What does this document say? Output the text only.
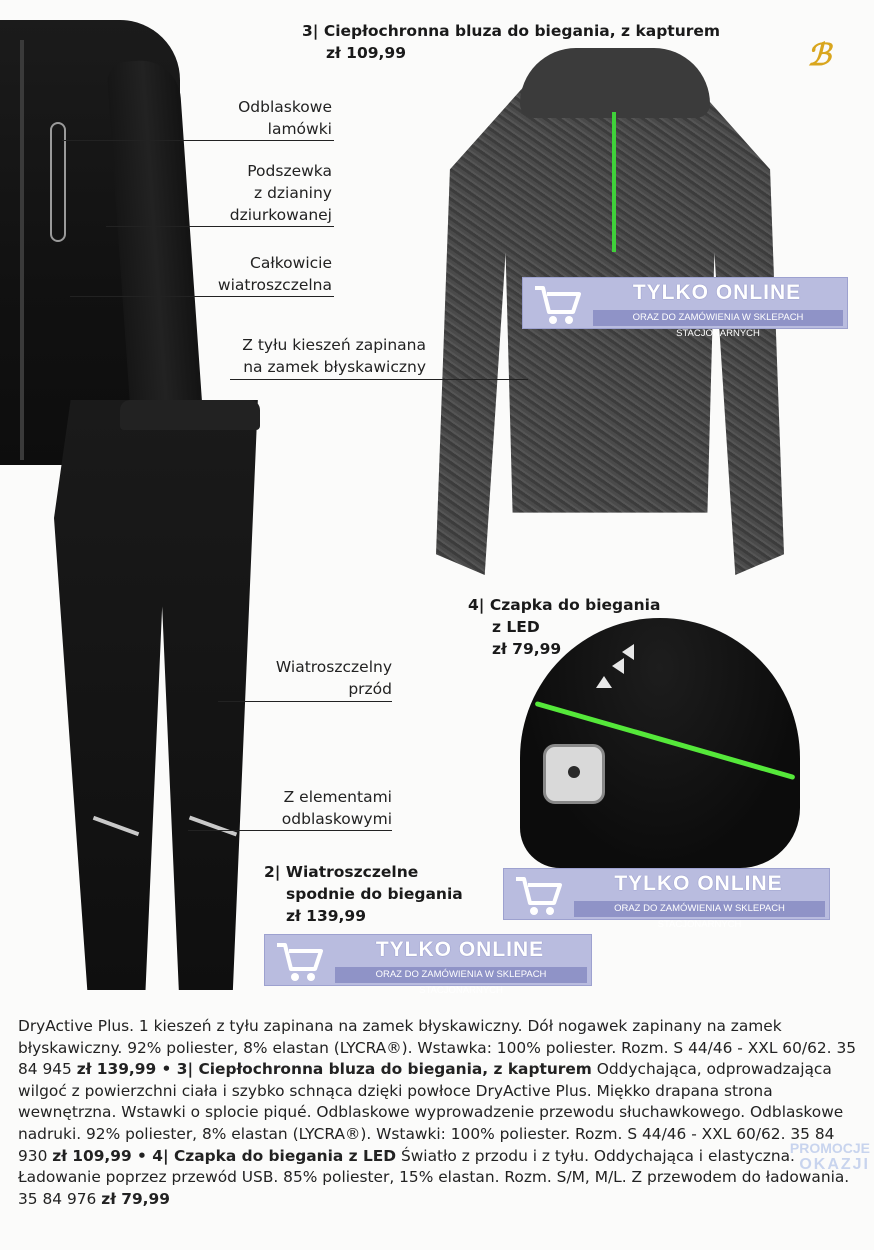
ℬ
3| Ciepłochronna bluza do biegania, z kapturem
zł 109,99
4| Czapka do biegania
z LED
zł 79,99
2| Wiatroszczelne
spodnie do biegania
zł 139,99
Odblaskowe
lamówki
Podszewka
z dzianiny
dziurkowanej
Całkowicie
wiatroszczelna
Z tyłu kieszeń zapinana
na zamek błyskawiczny
Wiatroszczelny
przód
Z elementami
odblaskowymi
TYLKO ONLINE
ORAZ DO ZAMÓWIENIA W SKLEPACH STACJONARNYCH
TYLKO ONLINE
ORAZ DO ZAMÓWIENIA W SKLEPACH STACJONARNYCH
TYLKO ONLINE
ORAZ DO ZAMÓWIENIA W SKLEPACH STACJONARNYCH
DryActive Plus. 1 kieszeń z tyłu zapinana na zamek błyskawiczny. Dół nogawek zapinany na zamek błyskawiczny. 92% poliester, 8% elastan (LYCRA®). Wstawka: 100% poliester. Rozm. S 44/46 - XXL 60/62. 35 84 945 zł 139,99 • 3| Ciepłochronna bluza do biegania, z kapturem Oddychająca, odprowadzająca wilgoć z powierzchni ciała i szybko schnąca dzięki powłoce DryActive Plus. Miękko drapana strona wewnętrzna. Wstawki o splocie piqué. Odblaskowe wyprowadzenie przewodu słuchawkowego. Odblaskowe nadruki. 92% poliester, 8% elastan (LYCRA®). Wstawki: 100% poliester. Rozm. S 44/46 - XXL 60/62. 35 84 930 zł 109,99 • 4| Czapka do biegania z LED Światło z przodu i z tyłu. Oddychająca i elastyczna. Ładowanie poprzez przewód USB. 85% poliester, 15% elastan. Rozm. S/M, M/L. Z przewodem do ładowania. 35 84 976 zł 79,99
PROMOCJE
OKAZJI
